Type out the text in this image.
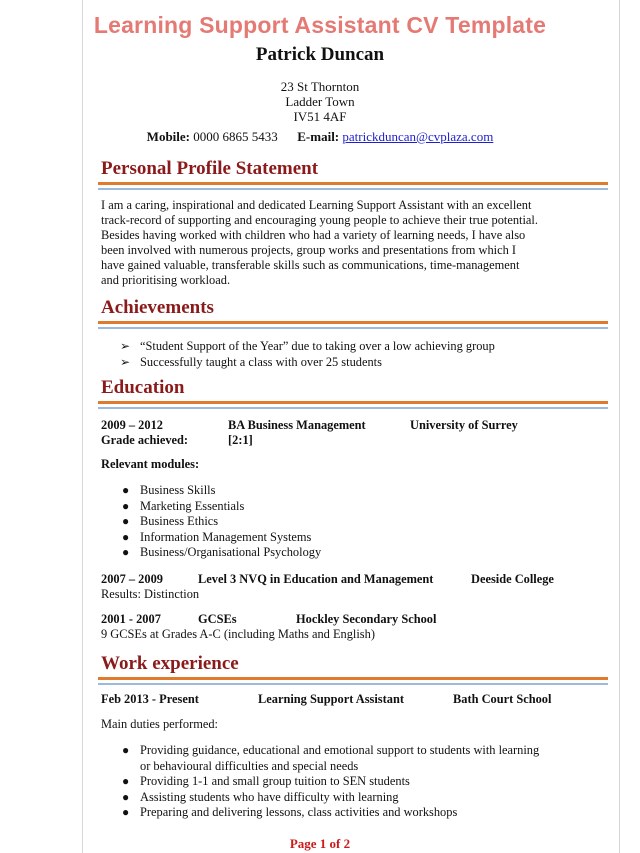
Learning Support Assistant CV Template
Patrick Duncan
23 St Thornton
Ladder Town
IV51 4AF
Mobile: 0000 6865 5433 E-mail: patrickduncan@cvplaza.com
Personal Profile Statement
I am a caring, inspirational and dedicated Learning Support Assistant with an excellent
track-record of supporting and encouraging young people to achieve their true potential.
Besides having worked with children who had a variety of learning needs, I have also
been involved with numerous projects, group works and presentations from which I
have gained valuable, transferable skills such as communications, time-management
and prioritising workload.
Achievements
➢ “Student Support of the Year” due to taking over a low achieving group
➢ Successfully taught a class with over 25 students
Education
2009 – 2012	BA Business Management	University of Surrey
Grade achieved:	[2:1]
Relevant modules:
● Business Skills
● Marketing Essentials
● Business Ethics
● Information Management Systems
● Business/Organisational Psychology
2007 – 2009	Level 3 NVQ in Education and Management	Deeside College
Results: Distinction
2001 - 2007	GCSEs	Hockley Secondary School
9 GCSEs at Grades A-C (including Maths and English)
Work experience
Feb 2013 - Present	Learning Support Assistant	Bath Court School
Main duties performed:
● Providing guidance, educational and emotional support to students with learning
or behavioural difficulties and special needs
● Providing 1-1 and small group tuition to SEN students
● Assisting students who have difficulty with learning
● Preparing and delivering lessons, class activities and workshops
Page 1 of 2
